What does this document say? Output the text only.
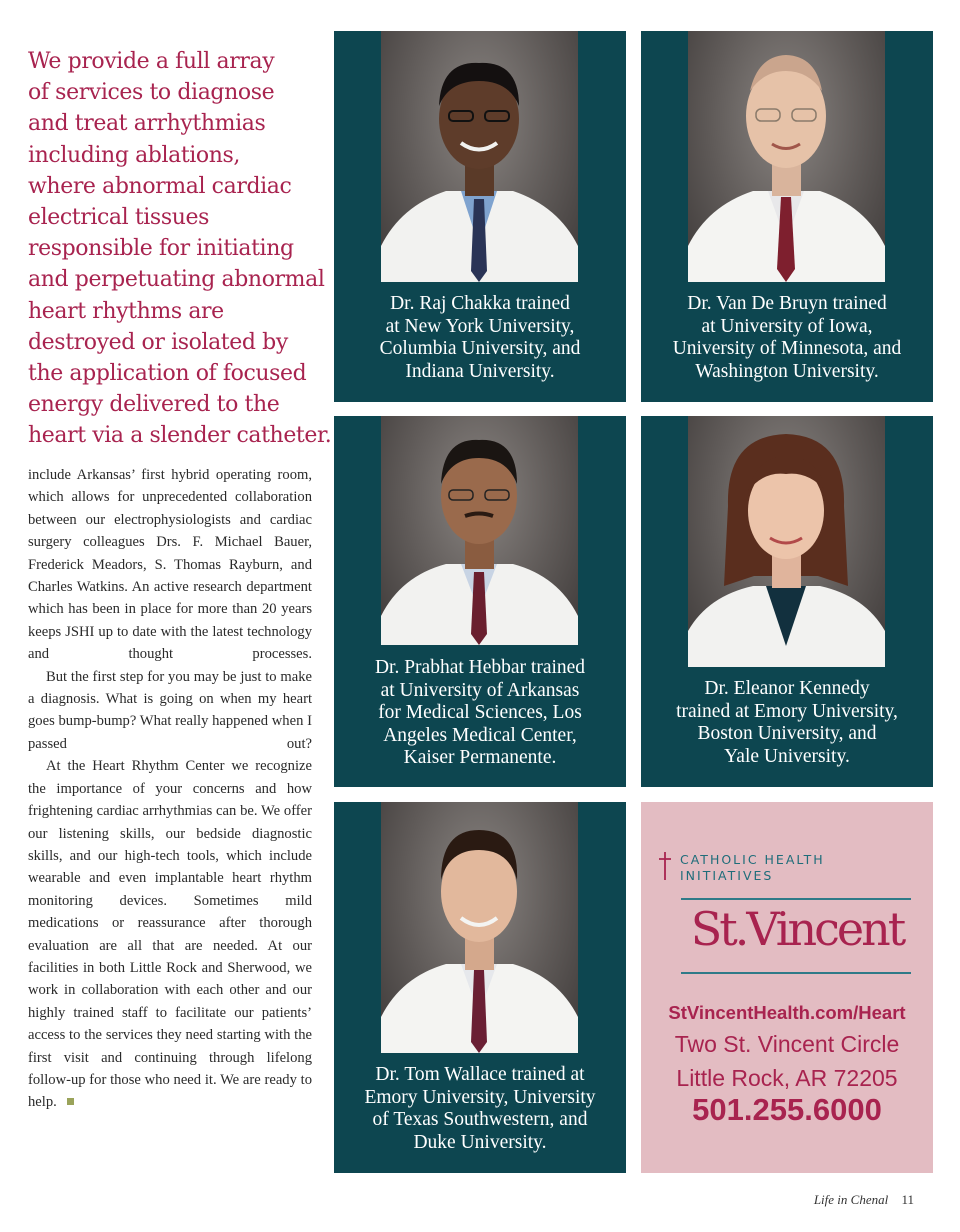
We provide a full array
of services to diagnose
and treat arrhythmias
including ablations,
where abnormal cardiac
electrical tissues
responsible for initiating
and perpetuating abnormal
heart rhythms are
destroyed or isolated by
the application of focused
energy delivered to the
heart via a slender catheter.

include Arkansas’ first hybrid operating room, which allows for unprecedented collaboration between our electrophysiologists and cardiac surgery colleagues Drs. F. Michael Bauer, Frederick Meadors, S. Thomas Rayburn, and Charles Watkins. An active research department which has been in place for more than 20 years keeps JSHI up to date with the latest technology and thought processes.

But the first step for you may be just to make a diagnosis. What is going on when my heart goes bump-bump? What really happened when I passed out?

At the Heart Rhythm Center we recognize the importance of your concerns and how frightening cardiac arrhythmias can be. We offer our listening skills, our bedside diagnostic skills, and our high-tech tools, which include wearable and even implantable heart rhythm monitoring devices. Sometimes mild medications or reassurance after thorough evaluation are all that are needed. At our facilities in both Little Rock and Sherwood, we work in collaboration with each other and our highly trained staff to facilitate our patients’ access to the services they need starting with the first visit and continuing through lifelong follow-up for those who need it. We are ready to help.

Dr. Raj Chakka trained
at New York University,
Columbia University, and
Indiana University.
Dr. Van De Bruyn trained
at University of Iowa,
University of Minnesota, and
Washington University.
Dr. Prabhat Hebbar trained
at University of Arkansas
for Medical Sciences, Los
Angeles Medical Center,
Kaiser Permanente.
Dr. Eleanor Kennedy
trained at Emory University,
Boston University, and
Yale University.
Dr. Tom Wallace trained at
Emory University, University
of Texas Southwestern, and
Duke University.
CATHOLIC HEALTH
INITIATIVES
St.Vincent
StVincentHealth.com/Heart
Two St. Vincent Circle
Little Rock, AR 72205
501.255.6000
Life in Chenal 11
